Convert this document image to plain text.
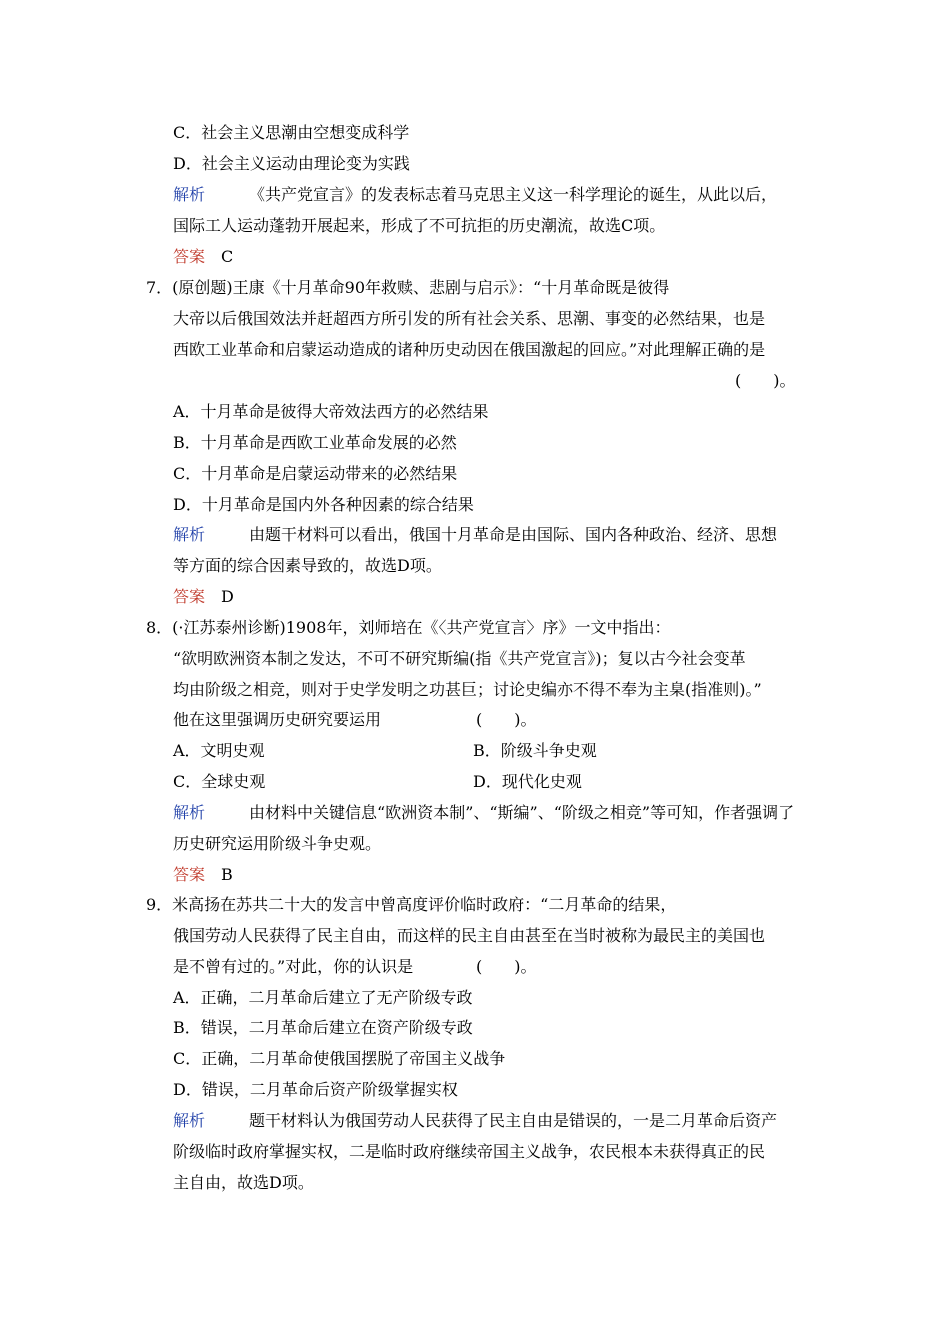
C．社会主义思潮由空想变成科学
D．社会主义运动由理论变为实践
解析	《共产党宣言》的发表标志着马克思主义这一科学理论的诞生，从此以后，
国际工人运动蓬勃开展起来，形成了不可抗拒的历史潮流，故选C项。
答案 C
7．(原创题)王康《十月革命90年救赎、悲剧与启示》：“十月革命既是彼得
大帝以后俄国效法并赶超西方所引发的所有社会关系、思潮、事变的必然结果，也是
西欧工业革命和启蒙运动造成的诸种历史动因在俄国激起的回应。”对此理解正确的是
(　　)。
A．十月革命是彼得大帝效法西方的必然结果
B．十月革命是西欧工业革命发展的必然
C．十月革命是启蒙运动带来的必然结果
D．十月革命是国内外各种因素的综合结果
解析	由题干材料可以看出，俄国十月革命是由国际、国内各种政治、经济、思想
等方面的综合因素导致的，故选D项。
答案 D
8．(·江苏泰州诊断)1908年，刘师培在《〈共产党宣言〉序》一文中指出：
“欲明欧洲资本制之发达，不可不研究斯编(指《共产党宣言》)；复以古今社会变革
均由阶级之相竞，则对于史学发明之功甚巨；讨论史编亦不得不奉为主臬(指准则)。”
他在这里强调历史研究要运用	(　　)。
A．文明史观	B．阶级斗争史观
C．全球史观	D．现代化史观
解析	由材料中关键信息“欧洲资本制”、“斯编”、“阶级之相竞”等可知，作者强调了
历史研究运用阶级斗争史观。
答案 B
9．米高扬在苏共二十大的发言中曾高度评价临时政府：“二月革命的结果，
俄国劳动人民获得了民主自由，而这样的民主自由甚至在当时被称为最民主的美国也
是不曾有过的。”对此，你的认识是	(　　)。
A．正确，二月革命后建立了无产阶级专政
B．错误，二月革命后建立在资产阶级专政
C．正确，二月革命使俄国摆脱了帝国主义战争
D．错误，二月革命后资产阶级掌握实权
解析	题干材料认为俄国劳动人民获得了民主自由是错误的，一是二月革命后资产
阶级临时政府掌握实权，二是临时政府继续帝国主义战争，农民根本未获得真正的民
主自由，故选D项。
